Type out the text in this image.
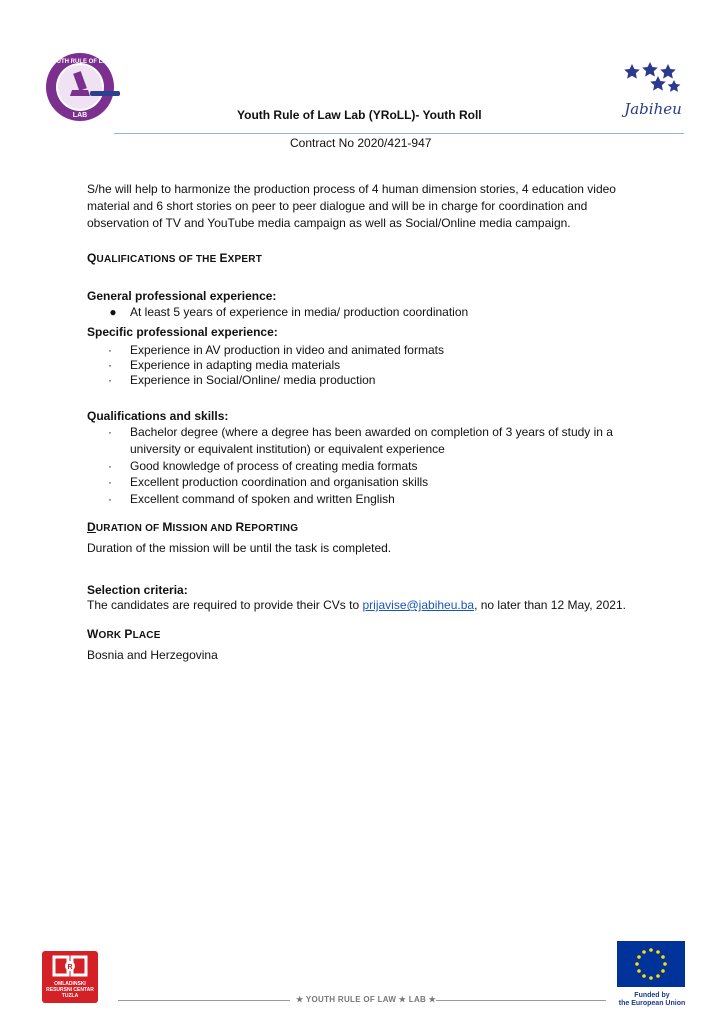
YOUTH RULE OF LAW
LAB	Youth Rule of Law Lab (YRoLL)- Youth Roll	Jabiheu
Contract No 2020/421-947
S/he will help to harmonize the production process of 4 human dimension stories, 4 education video
material and 6 short stories on peer to peer dialogue and will be in charge for coordination and
observation of TV and YouTube media campaign as well as Social/Online media campaign.
QUALIFICATIONS OF THE EXPERT
General professional experience:
●	At least 5 years of experience in media/ production coordination
Specific professional experience:
·	Experience in AV production in video and animated formats
·	Experience in adapting media materials
·	Experience in Social/Online/ media production
Qualifications and skills:
·	Bachelor degree (where a degree has been awarded on completion of 3 years of study in a
university or equivalent institution) or equivalent experience
·	Good knowledge of process of creating media formats
·	Excellent production coordination and organisation skills
·	Excellent command of spoken and written English
DURATION OF MISSION AND REPORTING
Duration of the mission will be until the task is completed.
Selection criteria:
The candidates are required to provide their CVs to prijavise@jabiheu.ba, no later than 12 May, 2021.
WORK PLACE
Bosnia and Herzegovina
R
OMLADINSKI
RESURSNI CENTAR
TUZLA	★ YOUTH RULE OF LAW ★ LAB ★	Funded by
the European Union
